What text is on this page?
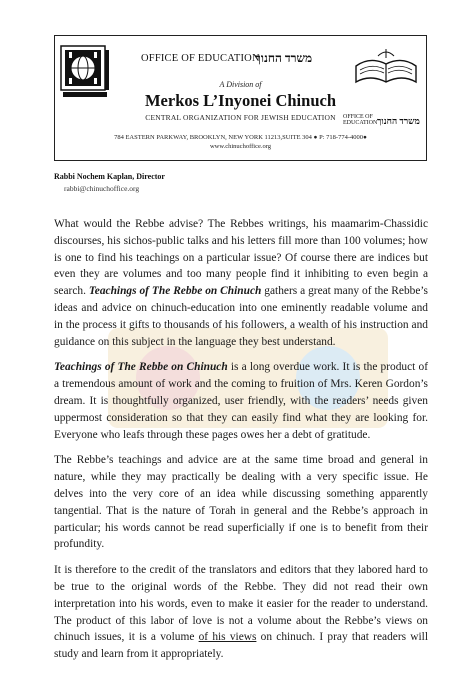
OFFICE OF EDUCATION
משרד החנוך
OFFICE OF EDUCATION משרד החנוך
A Division of
Merkos L’Inyonei Chinuch
CENTRAL ORGANIZATION FOR JEWISH EDUCATION
784 EASTERN PARKWAY, BROOKLYN, NEW YORK 11213,SUITE 304 ● P: 718-774-4000●
www.chinuchoffice.org
Rabbi Nochem Kaplan, Director
rabbi@chinuchoffice.org

What would the Rebbe advise? The Rebbes writings, his maamarim-Chassidic discourses, his sichos-public talks and his letters fill more than 100 volumes; how is one to find his teachings on a particular issue? Of course there are indices but even they are volumes and too many people find it inhibiting to even begin a search. Teachings of The Rebbe on Chinuch gathers a great many of the Rebbe’s ideas and advice on chinuch-education into one eminently readable volume and in the process it gifts to thousands of his followers, a wealth of his instruction and guidance on this subject in the language they best understand.

Teachings of The Rebbe on Chinuch is a long overdue work. It is the product of a tremendous amount of work and the coming to fruition of Mrs. Keren Gordon’s dream. It is thoughtfully organized, user friendly, with the readers’ needs given uppermost consideration so that they can easily find what they are looking for. Everyone who leafs through these pages owes her a debt of gratitude.

The Rebbe’s teachings and advice are at the same time broad and general in nature, while they may practically be dealing with a very specific issue. He delves into the very core of an idea while discussing something apparently tangential. That is the nature of Torah in general and the Rebbe’s approach in particular; his words cannot be read superficially if one is to benefit from their profundity.

It is therefore to the credit of the translators and editors that they labored hard to be true to the original words of the Rebbe. They did not read their own interpretation into his words, even to make it easier for the reader to understand. The product of this labor of love is not a volume about the Rebbe’s views on chinuch issues, it is a volume of his views on chinuch. I pray that readers will study and learn from it appropriately.
